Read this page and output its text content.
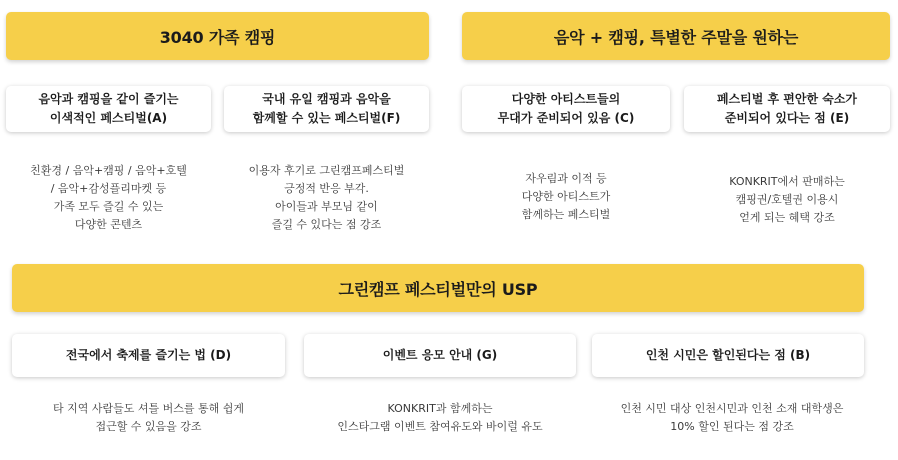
3040 가족 캠핑
음악과 캠핑을 같이 즐기는
이색적인 페스티벌(A)
국내 유일 캠핑과 음악을
함께할 수 있는 페스티벌(F)
친환경 / 음악+캠핑 / 음악+호텔
/ 음악+감성플리마켓 등
가족 모두 즐길 수 있는
다양한 콘텐츠
이용자 후기로 그린캠프페스티벌
긍정적 반응 부각.
아이들과 부모님 같이
즐길 수 있다는 점 강조
음악 + 캠핑, 특별한 주말을 원하는
다양한 아티스트들의
무대가 준비되어 있음 (C)
페스티벌 후 편안한 숙소가
준비되어 있다는 점 (E)
자우림과 이적 등
다양한 아티스트가
함께하는 페스티벌
KONKRIT에서 판매하는
캠핑권/호텔권 이용시
얻게 되는 혜택 강조
그린캠프 페스티벌만의 USP
전국에서 축제를 즐기는 법 (D)	이벤트 응모 안내 (G)	인천 시민은 할인된다는 점 (B)
타 지역 사람들도 셔틀 버스를 통해 쉽게
접근할 수 있음을 강조
KONKRIT과 함께하는
인스타그램 이벤트 참여유도와 바이럴 유도
인천 시민 대상 인천시민과 인천 소재 대학생은
10% 할인 된다는 점 강조
